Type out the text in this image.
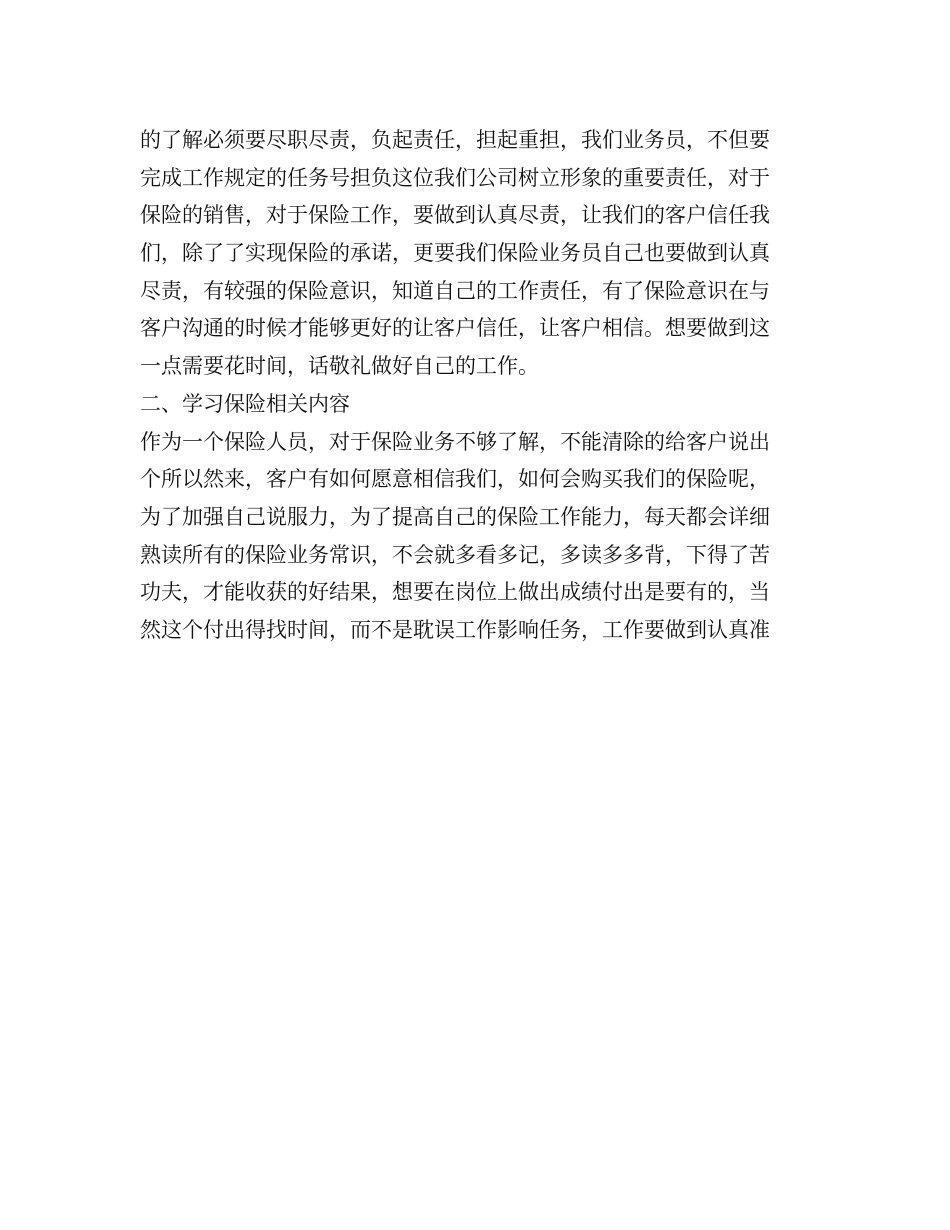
的了解必须要尽职尽责，负起责任，担起重担，我们业务员，不但要
完成工作规定的任务号担负这位我们公司树立形象的重要责任，对于
保险的销售，对于保险工作，要做到认真尽责，让我们的客户信任我
们，除了了实现保险的承诺，更要我们保险业务员自己也要做到认真
尽责，有较强的保险意识，知道自己的工作责任，有了保险意识在与
客户沟通的时候才能够更好的让客户信任，让客户相信。想要做到这
一点需要花时间，话敬礼做好自己的工作。
二、学习保险相关内容
作为一个保险人员，对于保险业务不够了解，不能清除的给客户说出
个所以然来，客户有如何愿意相信我们，如何会购买我们的保险呢，
为了加强自己说服力，为了提高自己的保险工作能力，每天都会详细
熟读所有的保险业务常识，不会就多看多记，多读多多背，下得了苦
功夫，才能收获的好结果，想要在岗位上做出成绩付出是要有的，当
然这个付出得找时间，而不是耽误工作影响任务，工作要做到认真准
